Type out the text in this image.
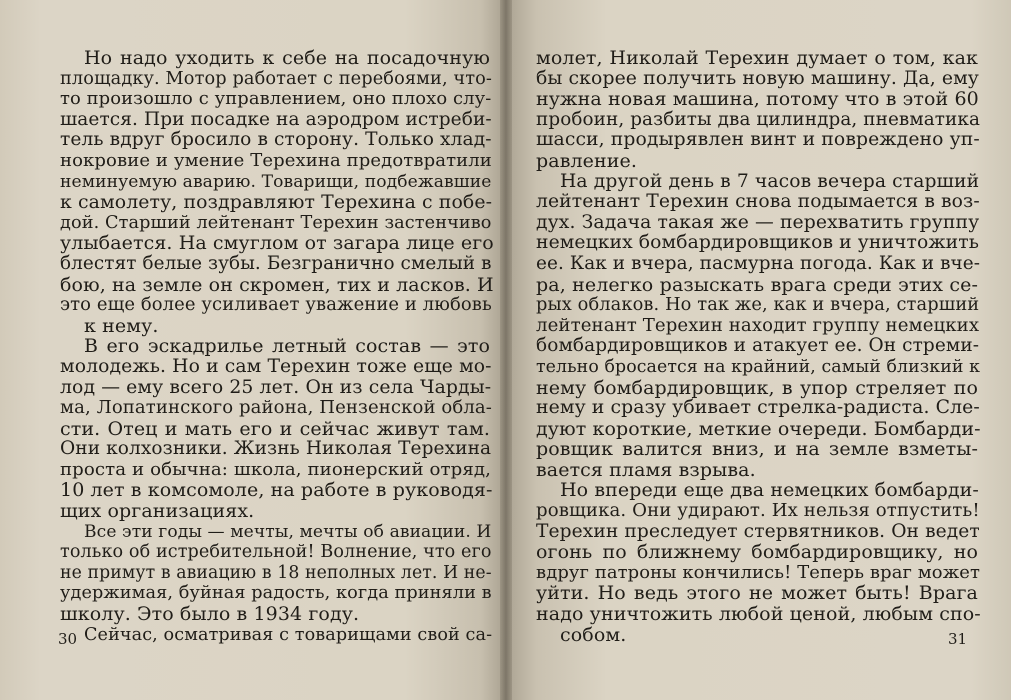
Но надо уходить к себе на посадочную
площадку. Мотор работает с перебоями, что-
то произошло с управлением, оно плохо слу-
шается. При посадке на аэродром истреби-
тель вдруг бросило в сторону. Только хлад-
нокровие и умение Терехина предотвратили
неминуемую аварию. Товарищи, подбежавшие
к самолету, поздравляют Терехина с побе-
дой. Старший лейтенант Терехин застенчиво
улыбается. На смуглом от загара лице его
блестят белые зубы. Безгранично смелый в
бою, на земле он скромен, тих и ласков. И
это еще более усиливает уважение и любовь
к нему.
В его эскадрилье летный состав — это
молодежь. Но и сам Терехин тоже еще мо-
лод — ему всего 25 лет. Он из села Чарды-
ма, Лопатинского района, Пензенской обла-
сти. Отец и мать его и сейчас живут там.
Они колхозники. Жизнь Николая Терехина
проста и обычна: школа, пионерский отряд,
10 лет в комсомоле, на работе в руководя-
щих организациях.
Все эти годы — мечты, мечты об авиации. И
только об истребительной! Волнение, что его
не примут в авиацию в 18 неполных лет. И не-
удержимая, буйная радость, когда приняли в
школу. Это было в 1934 году.
Сейчас, осматривая с товарищами свой са-
30
молет, Николай Терехин думает о том, как
бы скорее получить новую машину. Да, ему
нужна новая машина, потому что в этой 60
пробоин, разбиты два цилиндра, пневматика
шасси, продырявлен винт и повреждено уп-
равление.
На другой день в 7 часов вечера старший
лейтенант Терехин снова подымается в воз-
дух. Задача такая же — перехватить группу
немецких бомбардировщиков и уничтожить
ее. Как и вчера, пасмурна погода. Как и вче-
ра, нелегко разыскать врага среди этих се-
рых облаков. Но так же, как и вчера, старший
лейтенант Терехин находит группу немецких
бомбардировщиков и атакует ее. Он стреми-
тельно бросается на крайний, самый близкий к
нему бомбардировщик, в упор стреляет по
нему и сразу убивает стрелка-радиста. Сле-
дуют короткие, меткие очереди. Бомбарди-
ровщик валится вниз, и на земле взметы-
вается пламя взрыва.
Но впереди еще два немецких бомбарди-
ровщика. Они удирают. Их нельзя отпустить!
Терехин преследует стервятников. Он ведет
огонь по ближнему бомбардировщику, но
вдруг патроны кончились! Теперь враг может
уйти. Но ведь этого не может быть! Врага
надо уничтожить любой ценой, любым спо-
собом.	31
